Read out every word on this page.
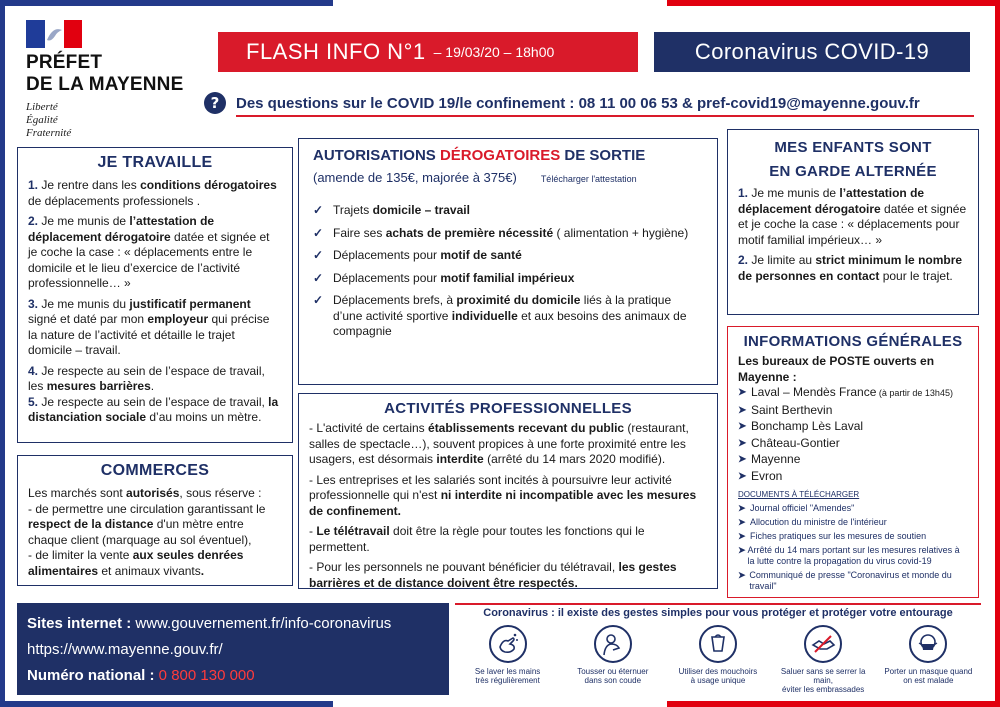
PRÉFET
DE LA MAYENNE
Liberté
Égalité
Fraternité
FLASH INFO N°1 – 19/03/20 – 18h00	Coronavirus COVID-19
?	Des questions sur le COVID 19/le confinement : 08 11 00 06 53 & pref-covid19@mayenne.gouv.fr
JE TRAVAILLE
1. Je rentre dans les conditions dérogatoires de déplacements professionels .
2. Je me munis de l’attestation de déplacement dérogatoire datée et signée et je coche la case : « déplacements entre le domicile et le lieu d’exercice de l’activité professionnelle… »
3. Je me munis du justificatif permanent signé et daté par mon employeur qui précise la nature de l’activité et détaille le trajet domicile – travail.
4. Je respecte au sein de l’espace de travail, les mesures barrières.
5. Je respecte au sein de l’espace de travail, la distanciation sociale d’au moins un mètre.
COMMERCES
Les marchés sont autorisés, sous réserve :
- de permettre une circulation garantissant le respect de la distance d'un mètre entre chaque client (marquage au sol éventuel),
- de limiter la vente aux seules denrées alimentaires et animaux vivants.
AUTORISATIONS DÉROGATOIRES DE SORTIE
(amende de 135€, majorée à 375€)	Télécharger l'attestation
✓ Trajets domicile – travail
✓ Faire ses achats de première nécessité ( alimentation + hygiène)
✓ Déplacements pour motif de santé
✓ Déplacements pour motif familial impérieux
✓ Déplacements brefs, à proximité du domicile liés à la pratique d’une activité sportive individuelle et aux besoins des animaux de compagnie
ACTIVITÉS PROFESSIONNELLES
- L'activité de certains établissements recevant du public (restaurant, salles de spectacle…), souvent propices à une forte proximité entre les usagers, est désormais interdite (arrêté du 14 mars 2020 modifié).
- Les entreprises et les salariés sont incités à poursuivre leur activité professionnelle qui n'est ni interdite ni incompatible avec les mesures de confinement.
- Le télétravail doit être la règle pour toutes les fonctions qui le permettent.
- Pour les personnels ne pouvant bénéficier du télétravail, les gestes barrières et de distance doivent être respectés.
MES ENFANTS SONT
EN GARDE ALTERNÉE
1. Je me munis de l’attestation de déplacement dérogatoire datée et signée et je coche la case : « déplacements pour motif familial impérieux… »
2. Je limite au strict minimum le nombre de personnes en contact pour le trajet.
INFORMATIONS GÉNÉRALES
Les bureaux de POSTE ouverts en Mayenne :
➤ Laval – Mendès France (à partir de 13h45)
➤ Saint Berthevin
➤ Bonchamp Lès Laval
➤ Château-Gontier
➤ Mayenne
➤ Evron
DOCUMENTS À TÉLÉCHARGER
➤ Journal officiel "Amendes"
➤ Allocution du ministre de l'intérieur
➤ Fiches pratiques sur les mesures de soutien
➤ Arrêté du 14 mars portant sur les mesures relatives à la lutte contre la propagation du virus covid-19
➤ Communiqué de presse "Coronavirus et monde du travail"
Sites internet : www.gouvernement.fr/info-coronavirus
https://www.mayenne.gouv.fr/
Numéro national : 0 800 130 000
Coronavirus : il existe des gestes simples pour vous protéger et protéger votre entourage
Se laver les mains
très régulièrement
Tousser ou éternuer
dans son coude
Utiliser des mouchoirs
à usage unique
Saluer sans se serrer la main,
éviter les embrassades
Porter un masque quand
on est malade
